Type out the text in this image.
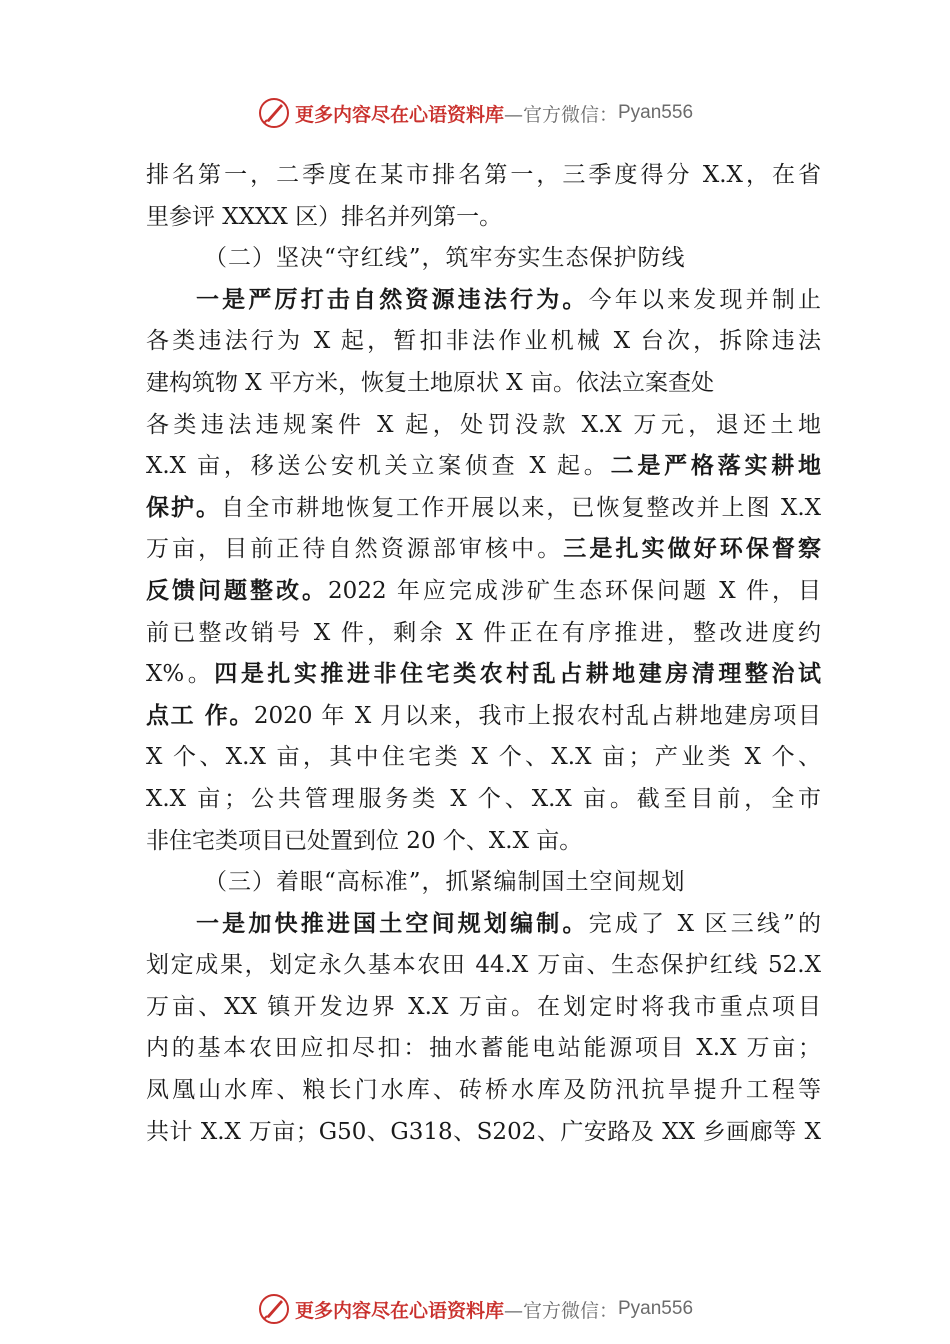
更多内容尽在心语资料库 —官方微信： Pyan556
排名第一，二季度在某市排名第一，三季度得分 X.X，在省
里参评 XXXX 区）排名并列第一。
（二）坚决“守红线”，筑牢夯实生态保护防线
一是严厉打击自然资源违法行为。今年以来发现并制止
各类违法行为 X 起，暂扣非法作业机械 X 台次，拆除违法
建构筑物 X 平方米，恢复土地原状 X 亩。依法立案查处
各类违法违规案件 X 起，处罚没款 X.X 万元，退还土地
X.X 亩，移送公安机关立案侦查 X 起。二是严格落实耕地
保护。自全市耕地恢复工作开展以来，已恢复整改并上图 X.X
万亩，目前正待自然资源部审核中。三是扎实做好环保督察
反馈问题整改。2022 年应完成涉矿生态环保问题 X 件，目
前已整改销号 X 件，剩余 X 件正在有序推进，整改进度约
X%。四是扎实推进非住宅类农村乱占耕地建房清理整治试
点工 作。2020 年 X 月以来，我市上报农村乱占耕地建房项目
X 个、X.X 亩，其中住宅类 X 个、X.X 亩；产业类 X 个、
X.X 亩；公共管理服务类 X 个、X.X 亩。截至目前，全市
非住宅类项目已处置到位 20 个、X.X 亩。
（三）着眼“高标准”，抓紧编制国土空间规划
一是加快推进国土空间规划编制。完成了 X 区三线”的
划定成果，划定永久基本农田 44.X 万亩、生态保护红线 52.X
万亩、XX 镇开发边界 X.X 万亩。在划定时将我市重点项目
内的基本农田应扣尽扣：抽水蓄能电站能源项目 X.X 万亩；
凤凰山水库、粮长门水库、砖桥水库及防汛抗旱提升工程等
共计 X.X 万亩；G50、G318、S202、广安路及 XX 乡画廊等 X
更多内容尽在心语资料库 —官方微信： Pyan556
